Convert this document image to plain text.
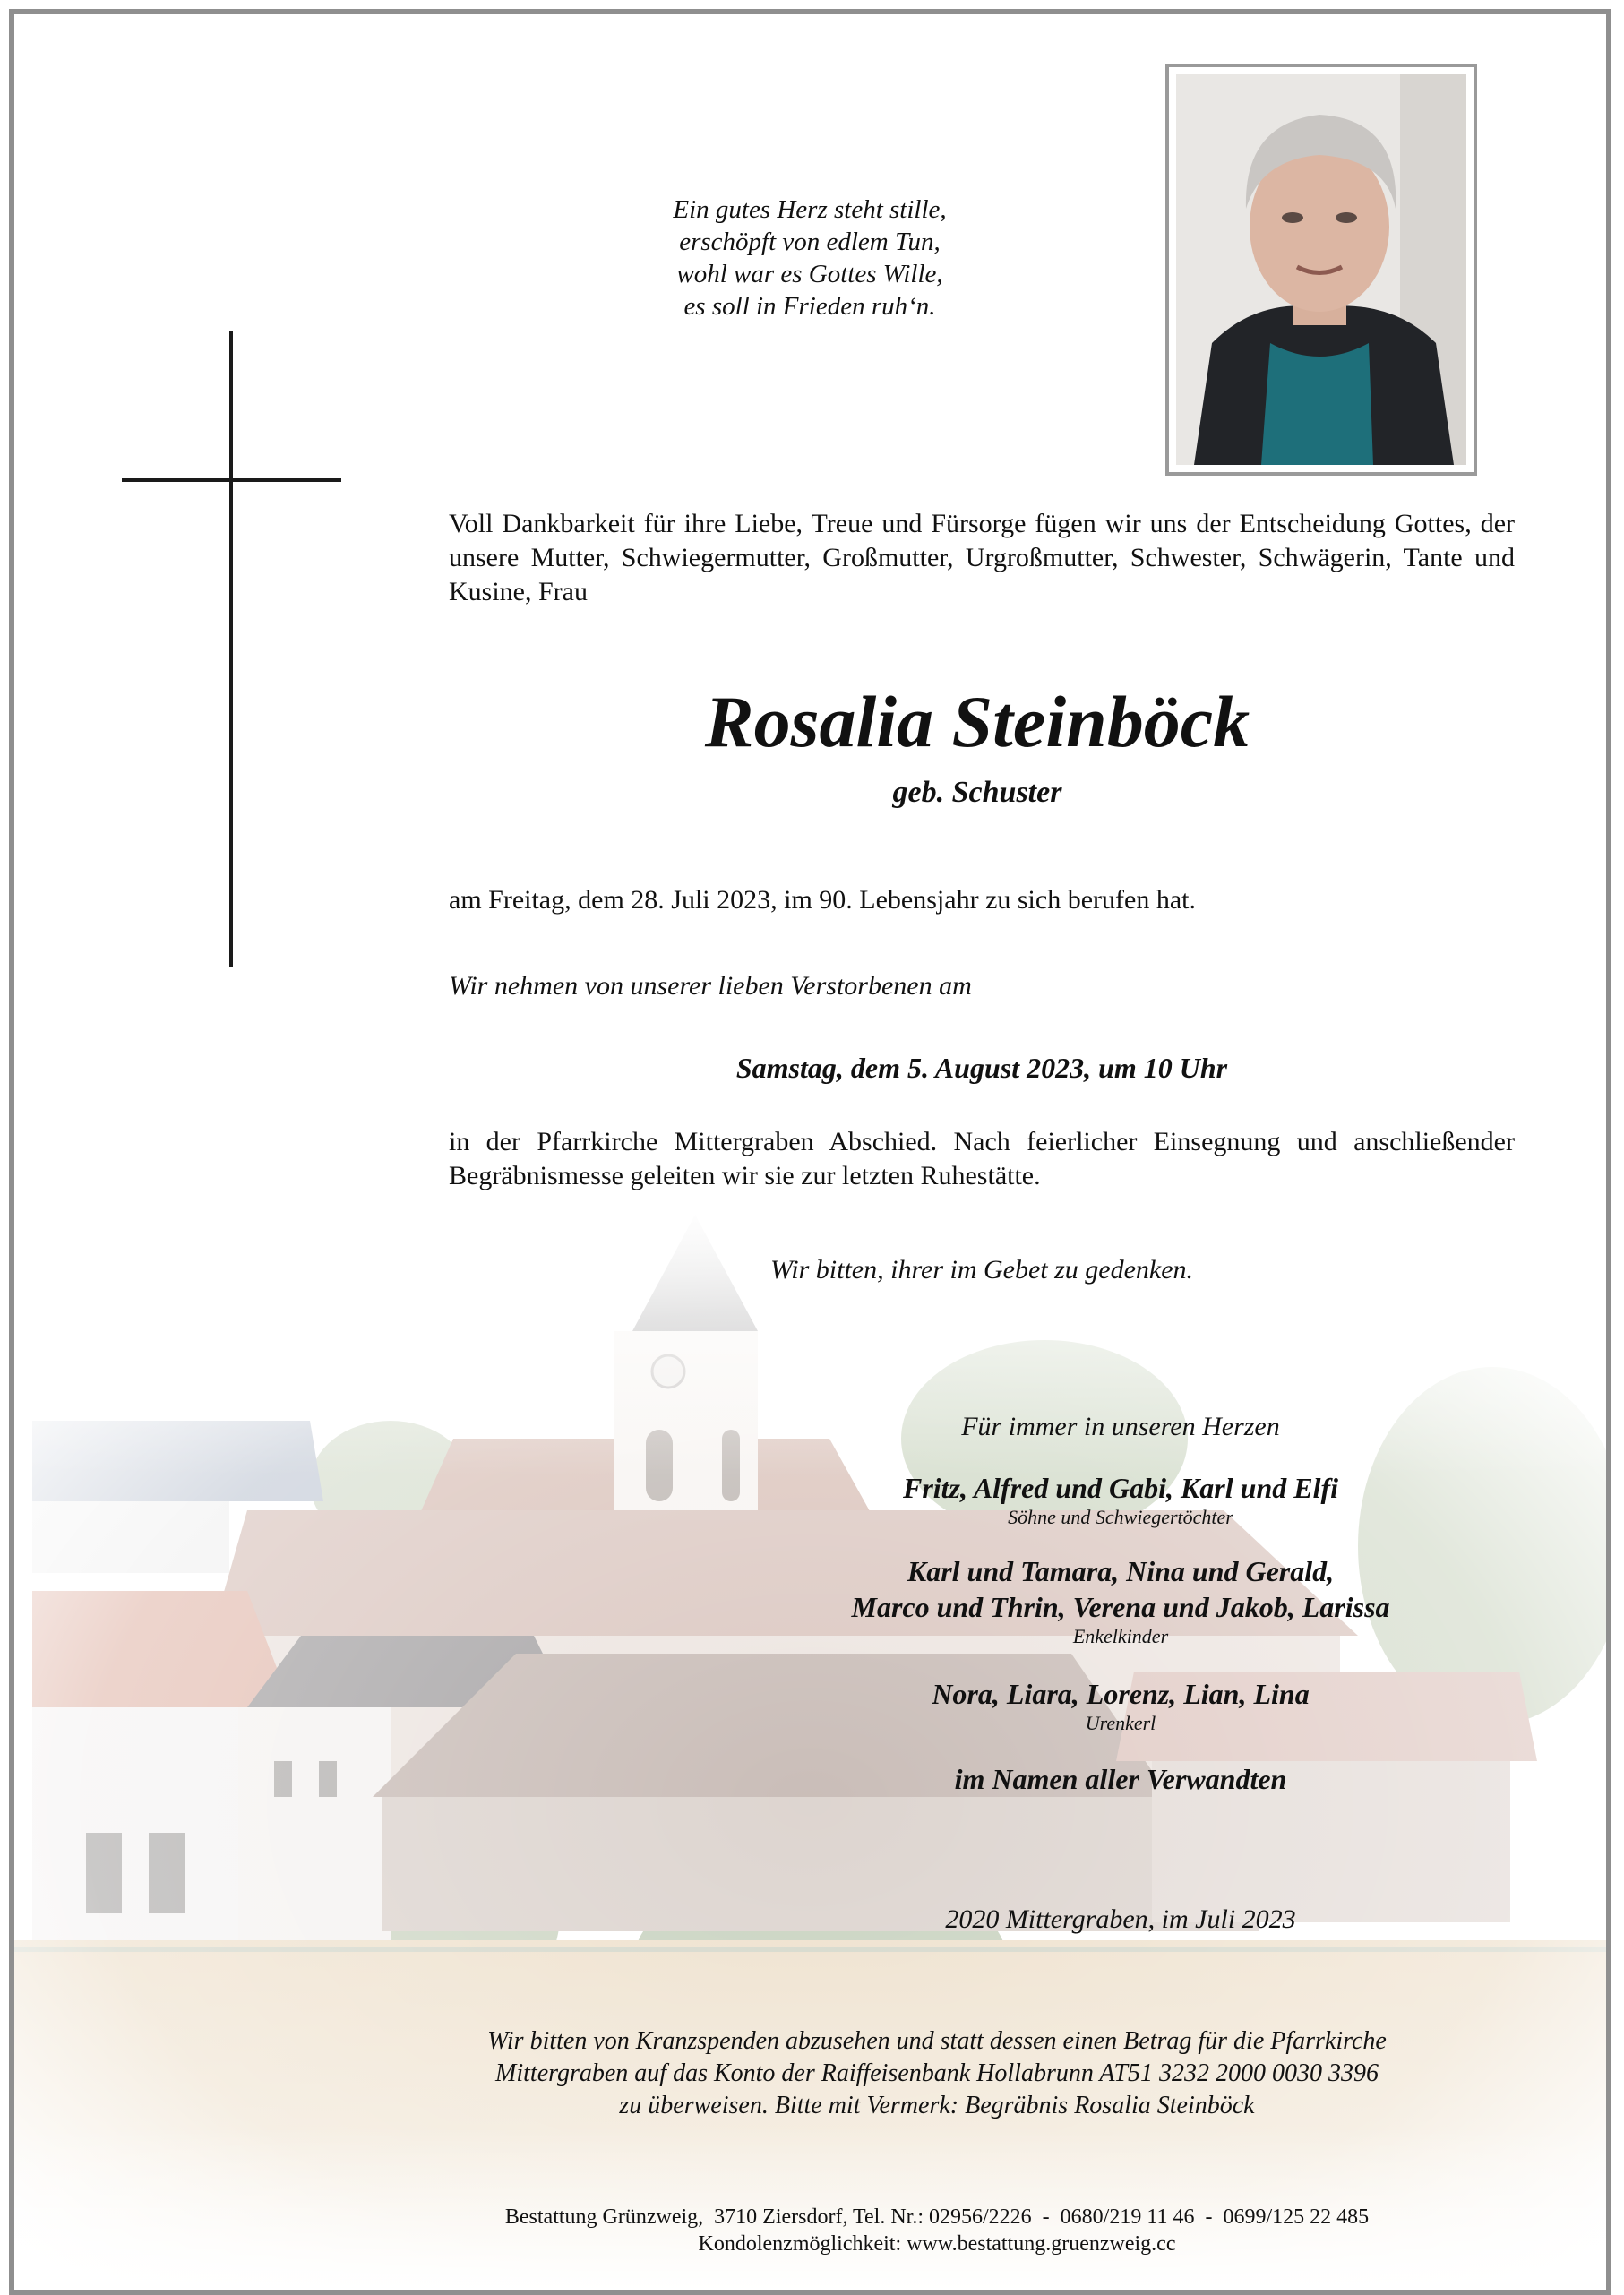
Ein gutes Herz steht stille,
erschöpft von edlem Tun,
wohl war es Gottes Wille,
es soll in Frieden ruh‘n.
Voll Dankbarkeit für ihre Liebe, Treue und Fürsorge fügen wir uns der Entscheidung Gottes, der unsere Mutter, Schwiegermutter, Großmutter, Urgroßmutter, Schwester, Schwägerin, Tante und Kusine, Frau
Rosalia Steinböck
geb. Schuster
am Freitag, dem 28. Juli 2023, im 90. Lebensjahr zu sich berufen hat.
Wir nehmen von unserer lieben Verstorbenen am
Samstag, dem 5. August 2023, um 10 Uhr
in der Pfarrkirche Mittergraben Abschied. Nach feierlicher Einsegnung und anschließender Begräbnismesse geleiten wir sie zur letzten Ruhestätte.
Wir bitten, ihrer im Gebet zu gedenken.
Für immer in unseren Herzen
Fritz, Alfred und Gabi, Karl und Elfi
Söhne und Schwiegertöchter
Karl und Tamara, Nina und Gerald,
Marco und Thrin, Verena und Jakob, Larissa
Enkelkinder
Nora, Liara, Lorenz, Lian, Lina
Urenkerl
im Namen aller Verwandten
2020 Mittergraben, im Juli 2023
Wir bitten von Kranzspenden abzusehen und statt dessen einen Betrag für die Pfarrkirche
Mittergraben auf das Konto der Raiffeisenbank Hollabrunn AT51 3232 2000 0030 3396
zu überweisen. Bitte mit Vermerk: Begräbnis Rosalia Steinböck
Bestattung Grünzweig,  3710 Ziersdorf, Tel. Nr.: 02956/2226  -  0680/219 11 46  -  0699/125 22 485
Kondolenzmöglichkeit: www.bestattung.gruenzweig.cc
